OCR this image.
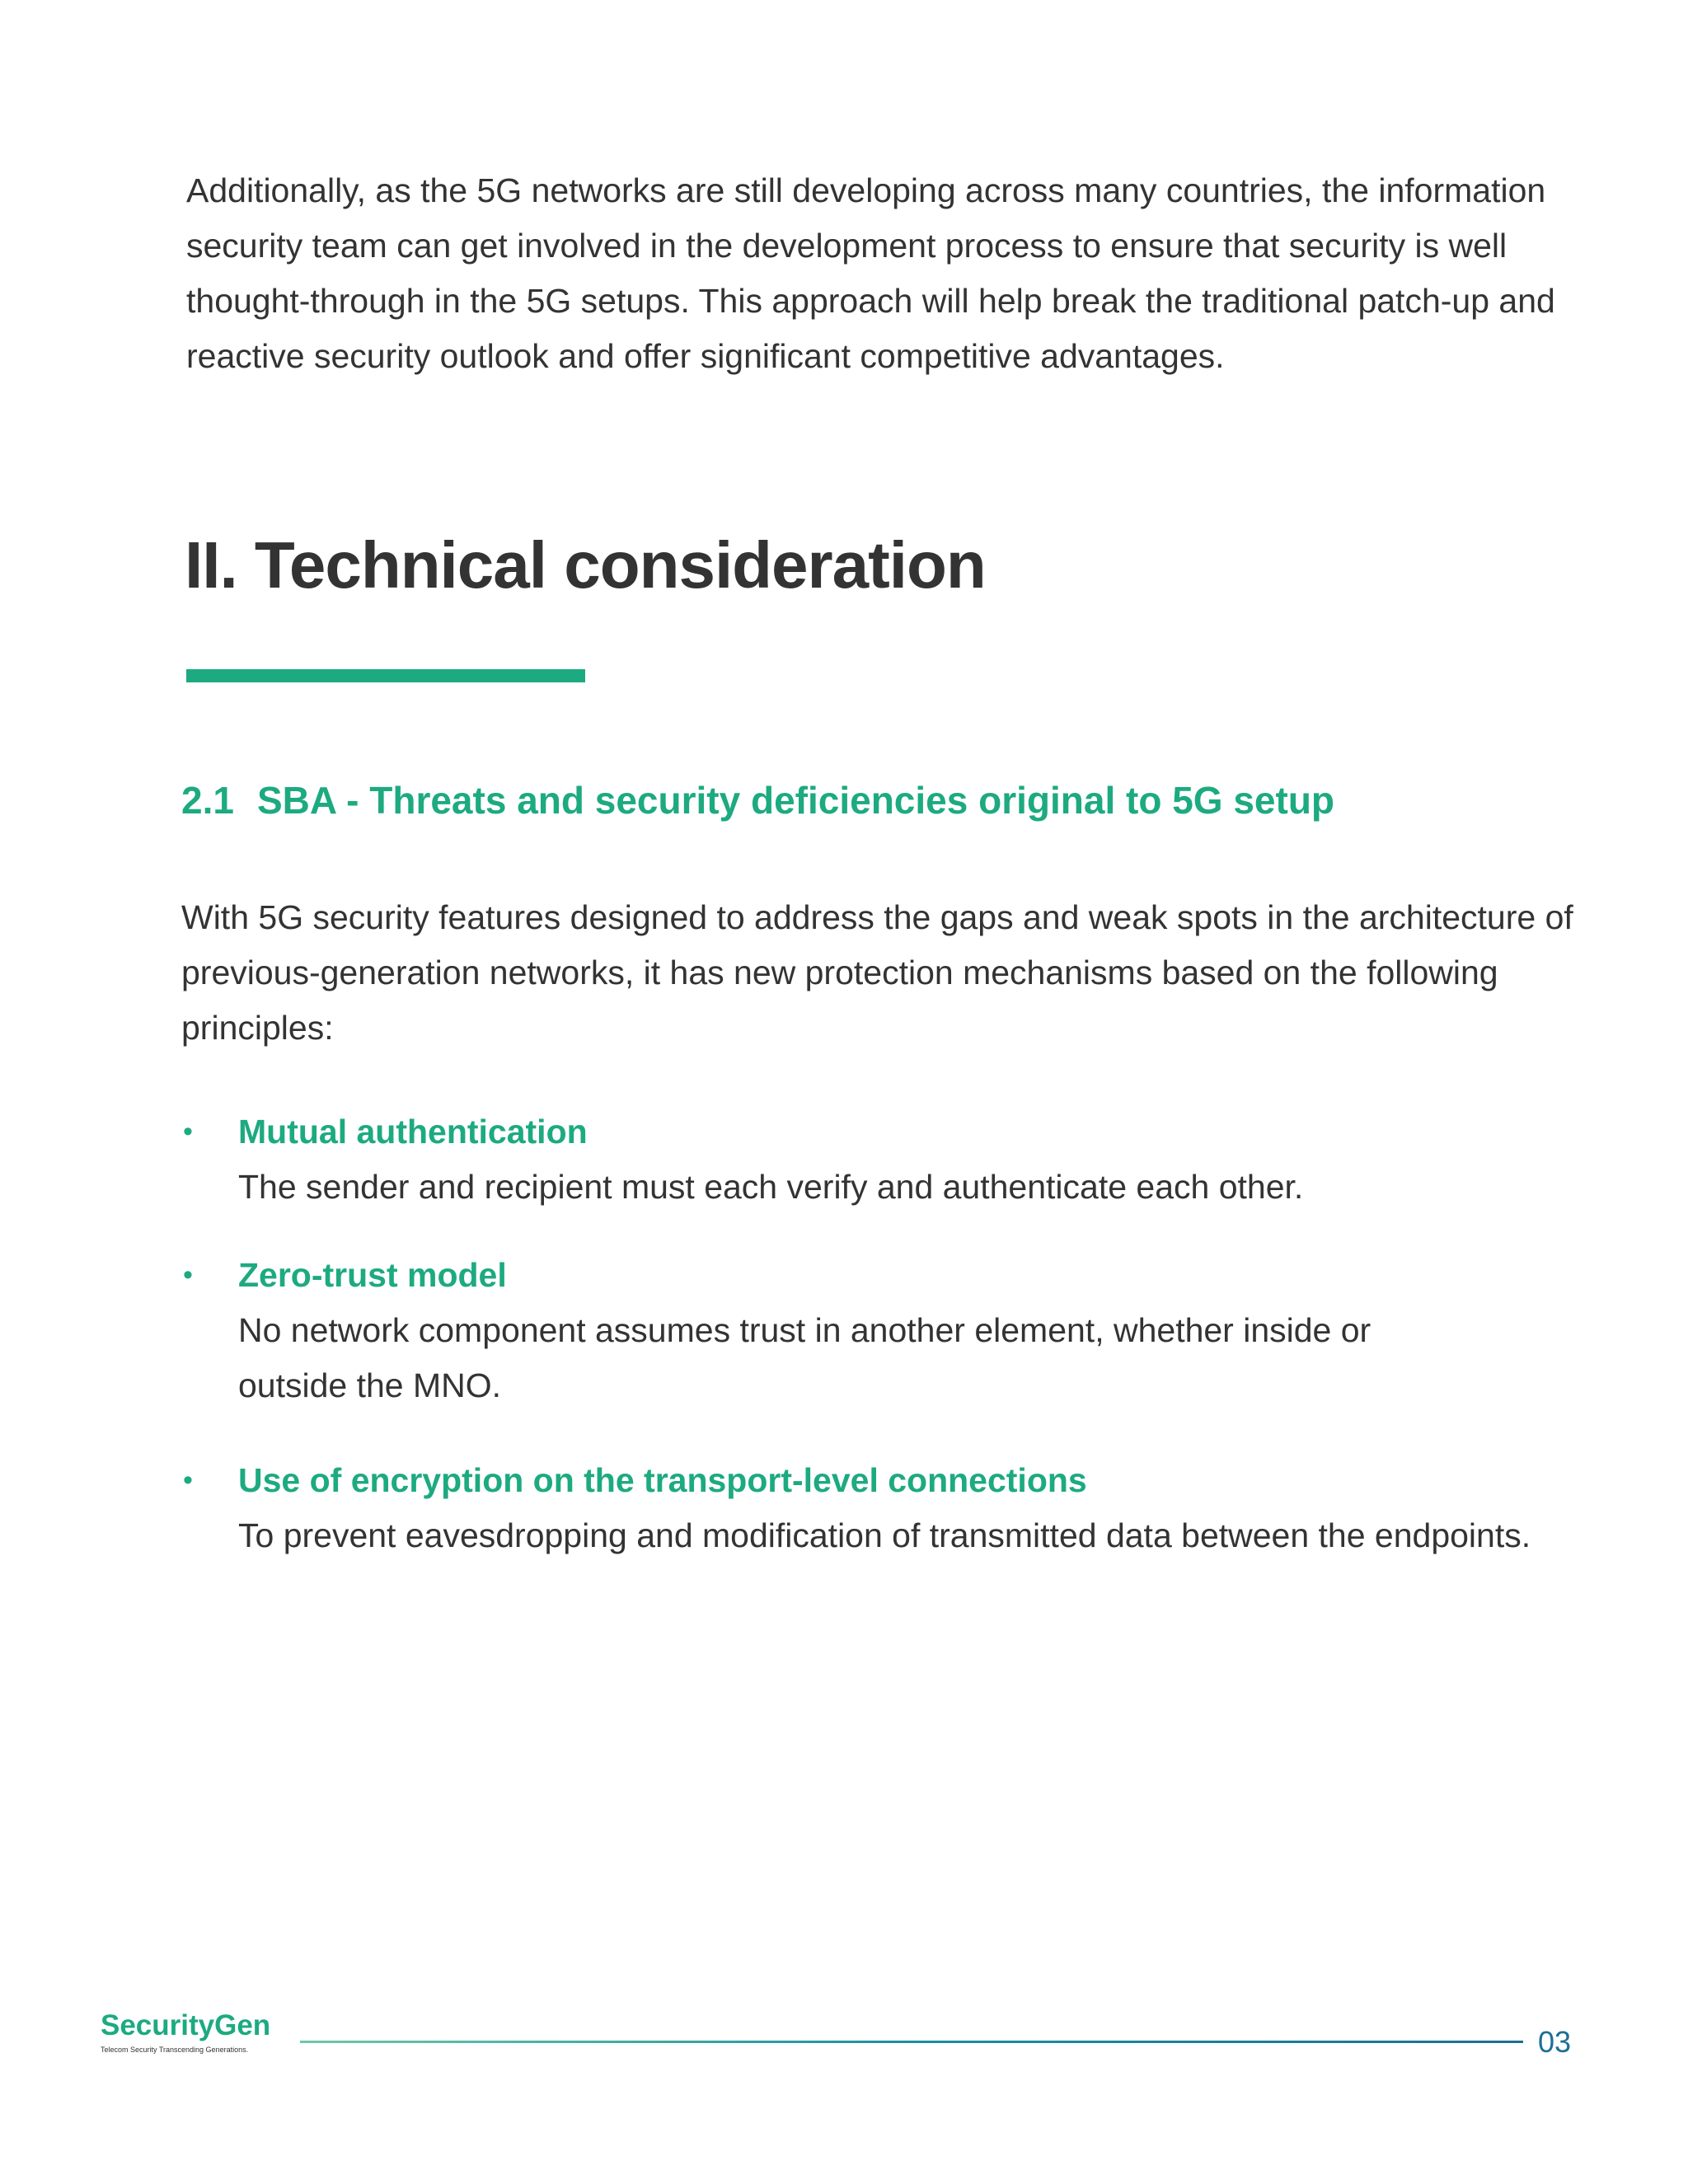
Additionally, as the 5G networks are still developing across many countries, the information security team can get involved in the development process to ensure that security is well thought-through in the 5G setups. This approach will help break the traditional patch-up and reactive security outlook and offer significant competitive advantages.

II. Technical consideration
2.1 SBA - Threats and security deficiencies original to 5G setup

With 5G security features designed to address the gaps and weak spots in the architecture of previous-generation networks, it has new protection mechanisms based on the following principles:

• Mutual authentication
The sender and recipient must each verify and authenticate each other.
• Zero-trust model
No network component assumes trust in another element, whether inside or outside the MNO.
• Use of encryption on the transport-level connections
To prevent eavesdropping and modification of transmitted data between the endpoints.
SecurityGen
Telecom Security Transcending Generations.	03
